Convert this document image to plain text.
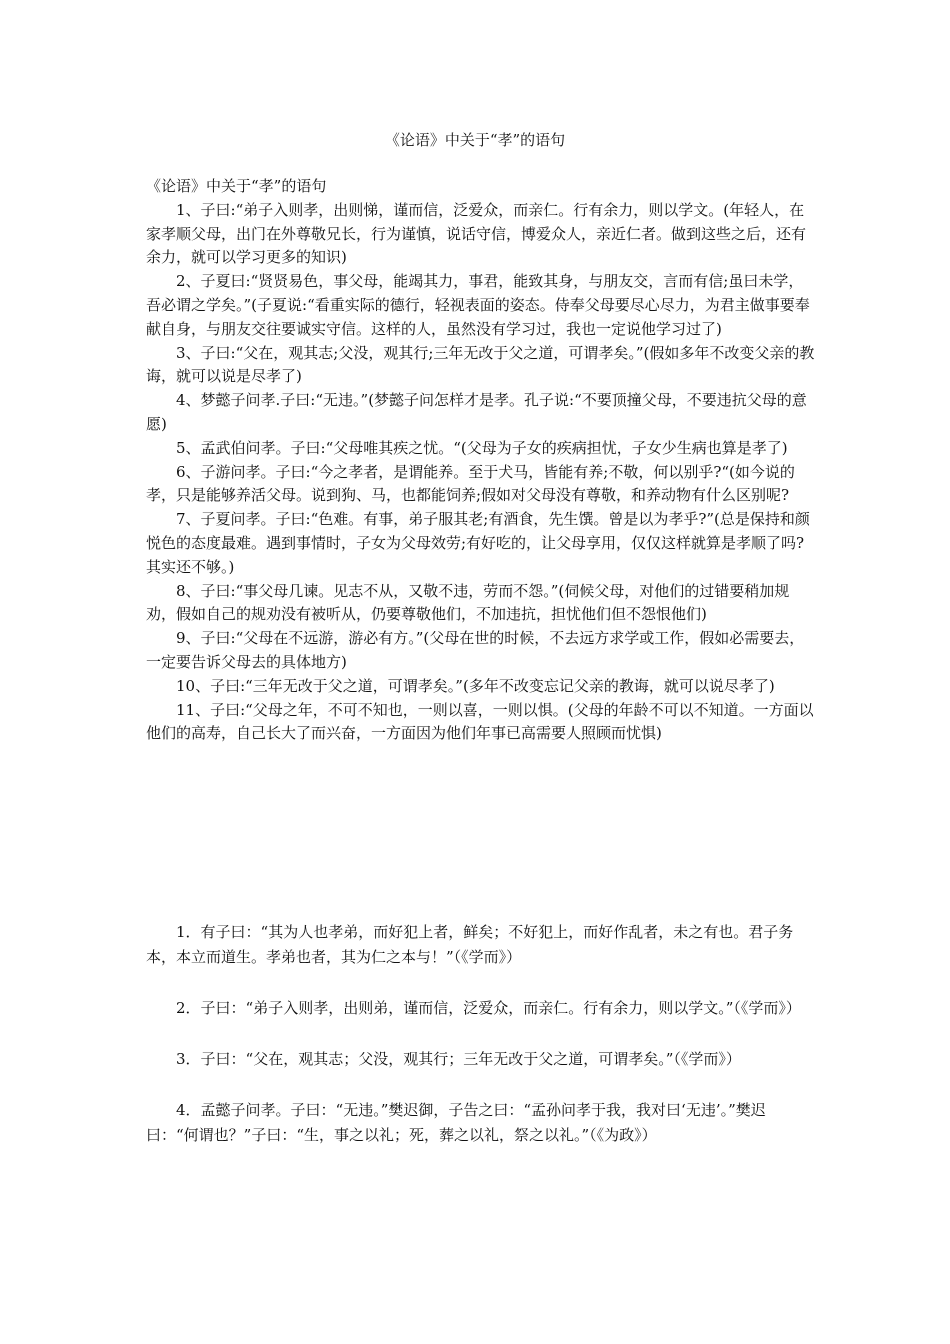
《论语》中关于“孝”的语句

《论语》中关于“孝”的语句

1、子曰:“弟子入则孝，出则悌，谨而信，泛爱众，而亲仁。行有余力，则以学文。(年轻人，在家孝顺父母，出门在外尊敬兄长，行为谨慎，说话守信，博爱众人，亲近仁者。做到这些之后，还有余力，就可以学习更多的知识)

2、子夏曰:“贤贤易色，事父母，能竭其力，事君，能致其身，与朋友交，言而有信;虽曰未学，吾必谓之学矣。”(子夏说:“看重实际的德行，轻视表面的姿态。侍奉父母要尽心尽力，为君主做事要奉献自身，与朋友交往要诚实守信。这样的人，虽然没有学习过，我也一定说他学习过了)

3、子曰:“父在，观其志;父没，观其行;三年无改于父之道，可谓孝矣。”(假如多年不改变父亲的教诲，就可以说是尽孝了)

4、梦懿子问孝.子曰:“无违。”(梦懿子问怎样才是孝。孔子说:“不要顶撞父母，不要违抗父母的意愿)

5、孟武伯问孝。子曰:“父母唯其疾之忧。“(父母为子女的疾病担忧，子女少生病也算是孝了)

6、子游问孝。子曰:“今之孝者，是谓能养。至于犬马，皆能有养;不敬，何以别乎?“(如今说的孝，只是能够养活父母。说到狗、马，也都能饲养;假如对父母没有尊敬，和养动物有什么区别呢?

7、子夏问孝。子曰:“色难。有事，弟子服其老;有酒食，先生馔。曾是以为孝乎?”(总是保持和颜悦色的态度最难。遇到事情时，子女为父母效劳;有好吃的，让父母享用，仅仅这样就算是孝顺了吗?其实还不够。)

8、子曰:“事父母几谏。见志不从，又敬不违，劳而不怨。”(伺候父母，对他们的过错要稍加规劝，假如自己的规劝没有被听从，仍要尊敬他们，不加违抗，担忧他们但不怨恨他们)

9、子曰:“父母在不远游，游必有方。”(父母在世的时候，不去远方求学或工作，假如必需要去，一定要告诉父母去的具体地方)

10、子曰:“三年无改于父之道，可谓孝矣。”(多年不改变忘记父亲的教诲，就可以说尽孝了)

11、子曰:“父母之年，不可不知也，一则以喜，一则以惧。(父母的年龄不可以不知道。一方面以他们的高寿，自己长大了而兴奋，一方面因为他们年事已高需要人照顾而忧惧)

1．有子曰：“其为人也孝弟，而好犯上者，鲜矣；不好犯上，而好作乱者，未之有也。君子务本，本立而道生。孝弟也者，其为仁之本与！”（《学而》）

2．子曰：“弟子入则孝，出则弟，谨而信，泛爱众，而亲仁。行有余力，则以学文。”（《学而》）

3．子曰：“父在，观其志；父没，观其行；三年无改于父之道，可谓孝矣。”（《学而》）

4．孟懿子问孝。子曰：“无违。”樊迟御，子告之曰：“孟孙问孝于我，我对曰‘无违’。”樊迟曰：“何谓也？”子曰：“生，事之以礼；死，葬之以礼，祭之以礼。”（《为政》）
